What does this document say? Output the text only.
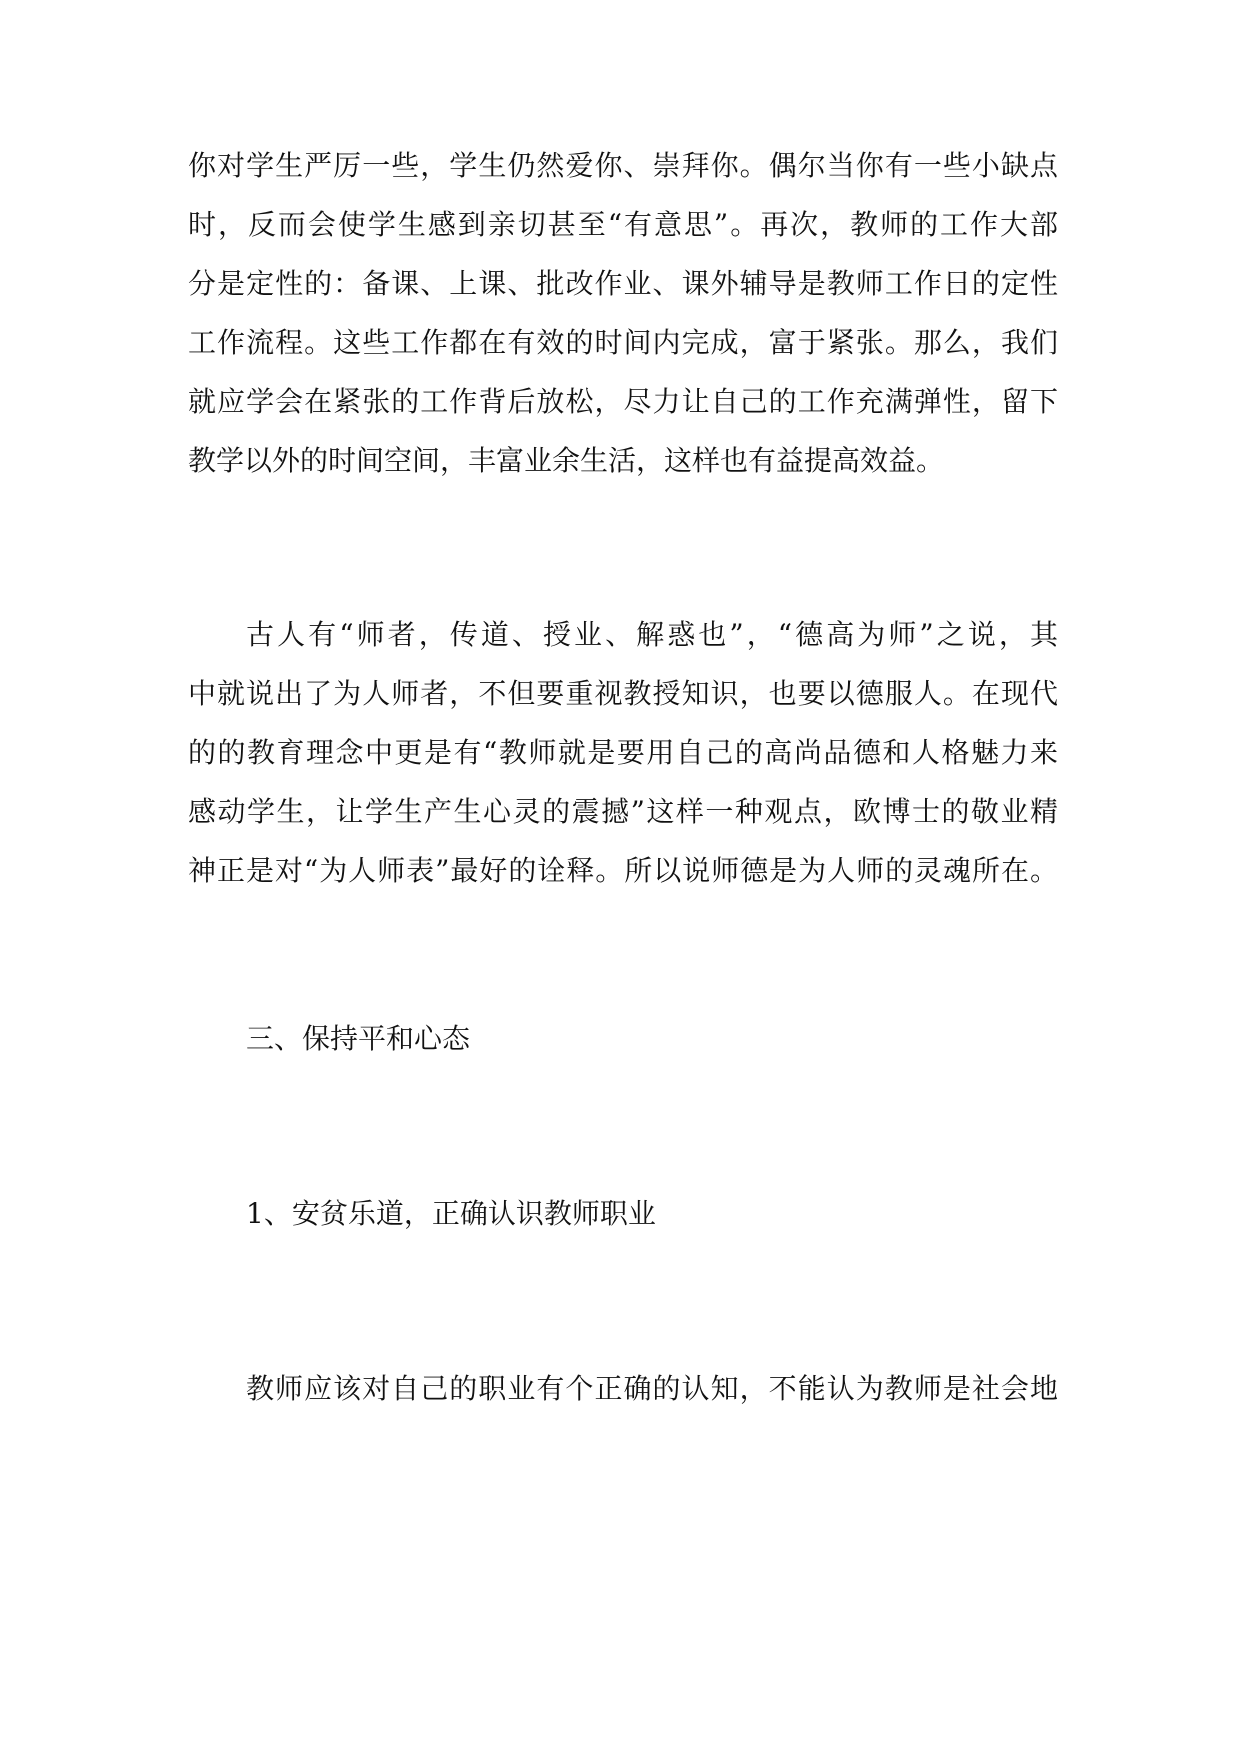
你对学生严厉一些，学生仍然爱你、崇拜你。偶尔当你有一些小缺点
时，反而会使学生感到亲切甚至“有意思”。再次，教师的工作大部
分是定性的：备课、上课、批改作业、课外辅导是教师工作日的定性
工作流程。这些工作都在有效的时间内完成，富于紧张。那么，我们
就应学会在紧张的工作背后放松，尽力让自己的工作充满弹性，留下
教学以外的时间空间，丰富业余生活，这样也有益提高效益。
古人有“师者，传道、授业、解惑也”，“德高为师”之说，其
中就说出了为人师者，不但要重视教授知识，也要以德服人。在现代
的的教育理念中更是有“教师就是要用自己的高尚品德和人格魅力来
感动学生，让学生产生心灵的震撼”这样一种观点，欧博士的敬业精
神正是对“为人师表”最好的诠释。所以说师德是为人师的灵魂所在。
三、保持平和心态
1、安贫乐道，正确认识教师职业
教师应该对自己的职业有个正确的认知，不能认为教师是社会地
